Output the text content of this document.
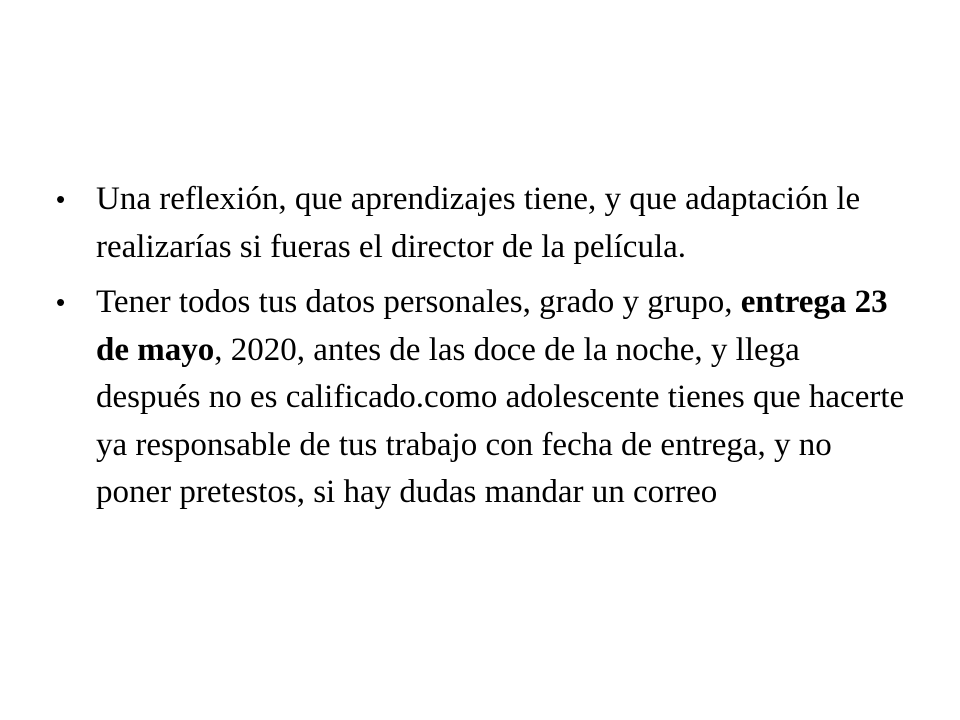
• Una reflexión, que aprendizajes tiene, y que adaptación le realizarías si fueras el director de la película.
• Tener todos tus datos personales, grado y grupo, entrega 23 de mayo, 2020, antes de las doce de la noche, y llega después no es calificado.como adolescente tienes que hacerte ya responsable de tus trabajo con fecha de entrega, y no poner pretestos, si hay dudas mandar un correo
